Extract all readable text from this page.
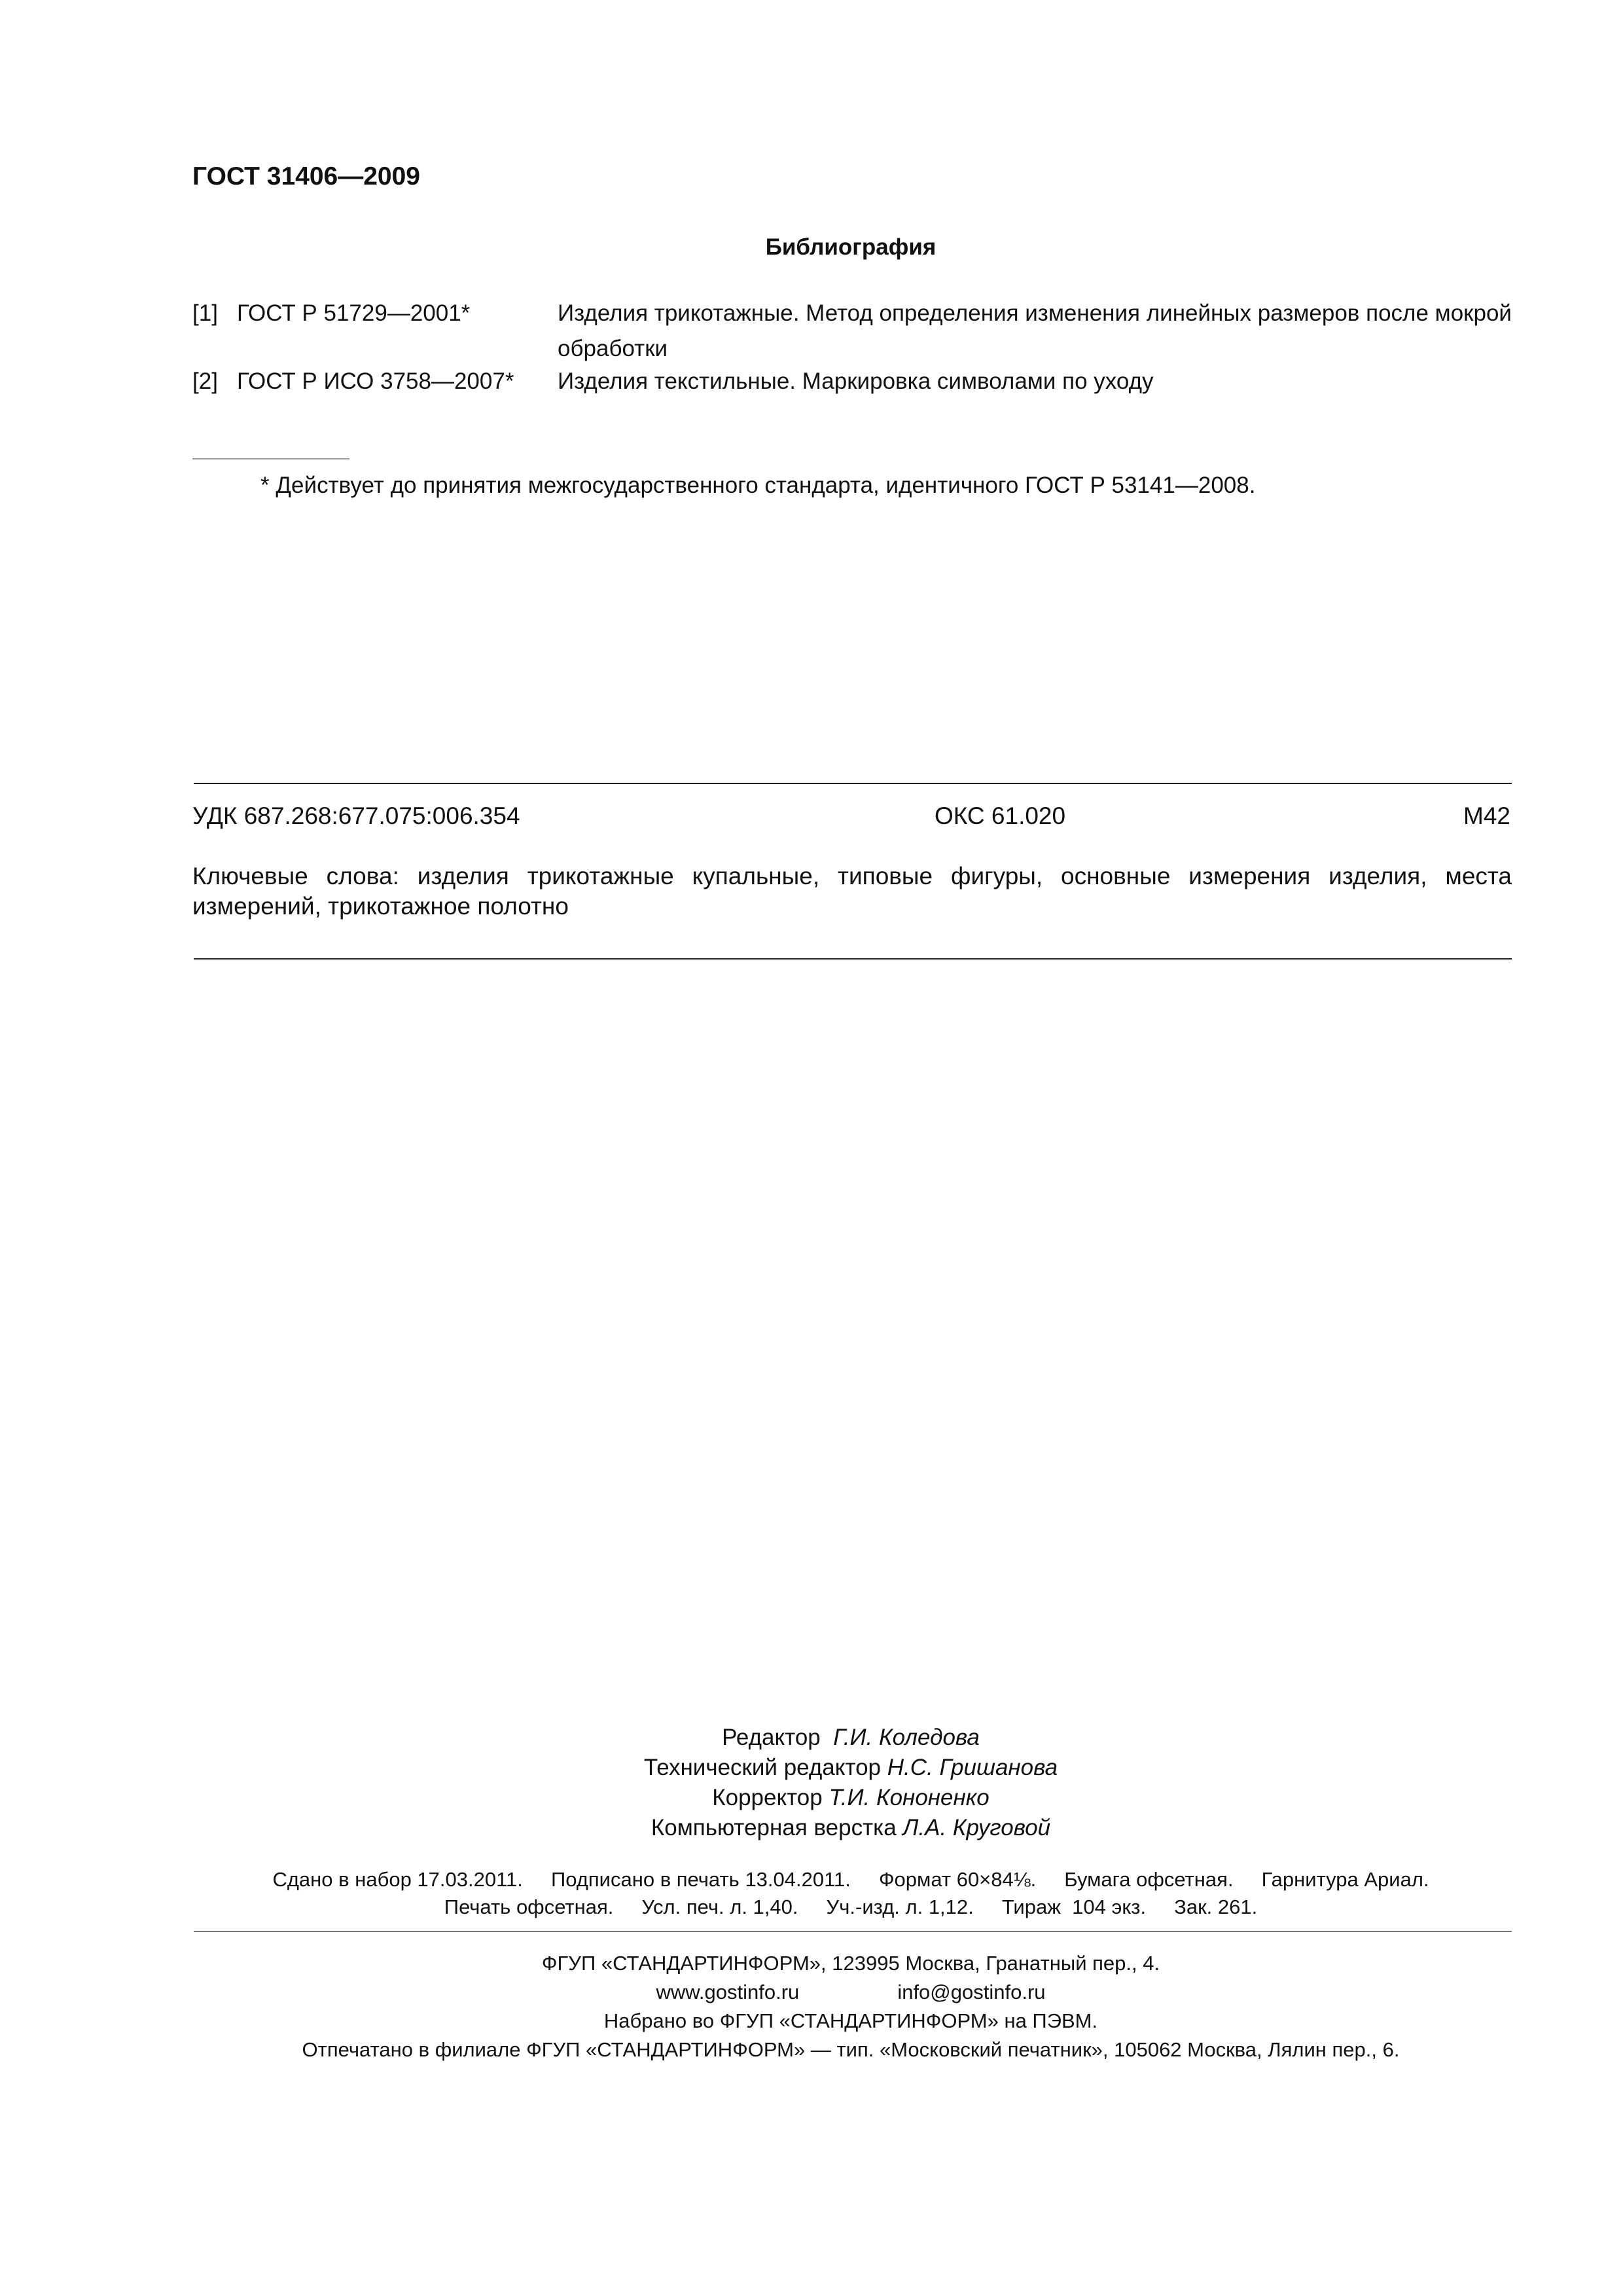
ГОСТ 31406—2009
Библиография
[1] ГОСТ Р 51729—2001*	Изделия трикотажные. Метод определения изменения линейных размеров после мокрой обработки
[2] ГОСТ Р ИСО 3758—2007* Изделия текстильные. Маркировка символами по уходу
* Действует до принятия межгосударственного стандарта, идентичного ГОСТ Р 53141—2008.
УДК 687.268:677.075:006.354	ОКС 61.020	М42
Ключевые слова: изделия трикотажные купальные, типовые фигуры, основные измерения изделия, места измерений, трикотажное полотно
Редактор Г.И. Коледова
Технический редактор Н.С. Гришанова
Корректор Т.И. Кононенко
Компьютерная верстка Л.А. Круговой
Сдано в набор 17.03.2011.     Подписано в печать 13.04.2011.     Формат 60×84⅛.     Бумага офсетная.     Гарнитура Ариал.
Печать офсетная.     Усл. печ. л. 1,40.     Уч.-изд. л. 1,12.     Тираж  104 экз.     Зак. 261.
ФГУП «СТАНДАРТИНФОРМ», 123995 Москва, Гранатный пер., 4.
www.gostinfo.ru	info@gostinfo.ru
Набрано во ФГУП «СТАНДАРТИНФОРМ» на ПЭВМ.
Отпечатано в филиале ФГУП «СТАНДАРТИНФОРМ» — тип. «Московский печатник», 105062 Москва, Лялин пер., 6.
